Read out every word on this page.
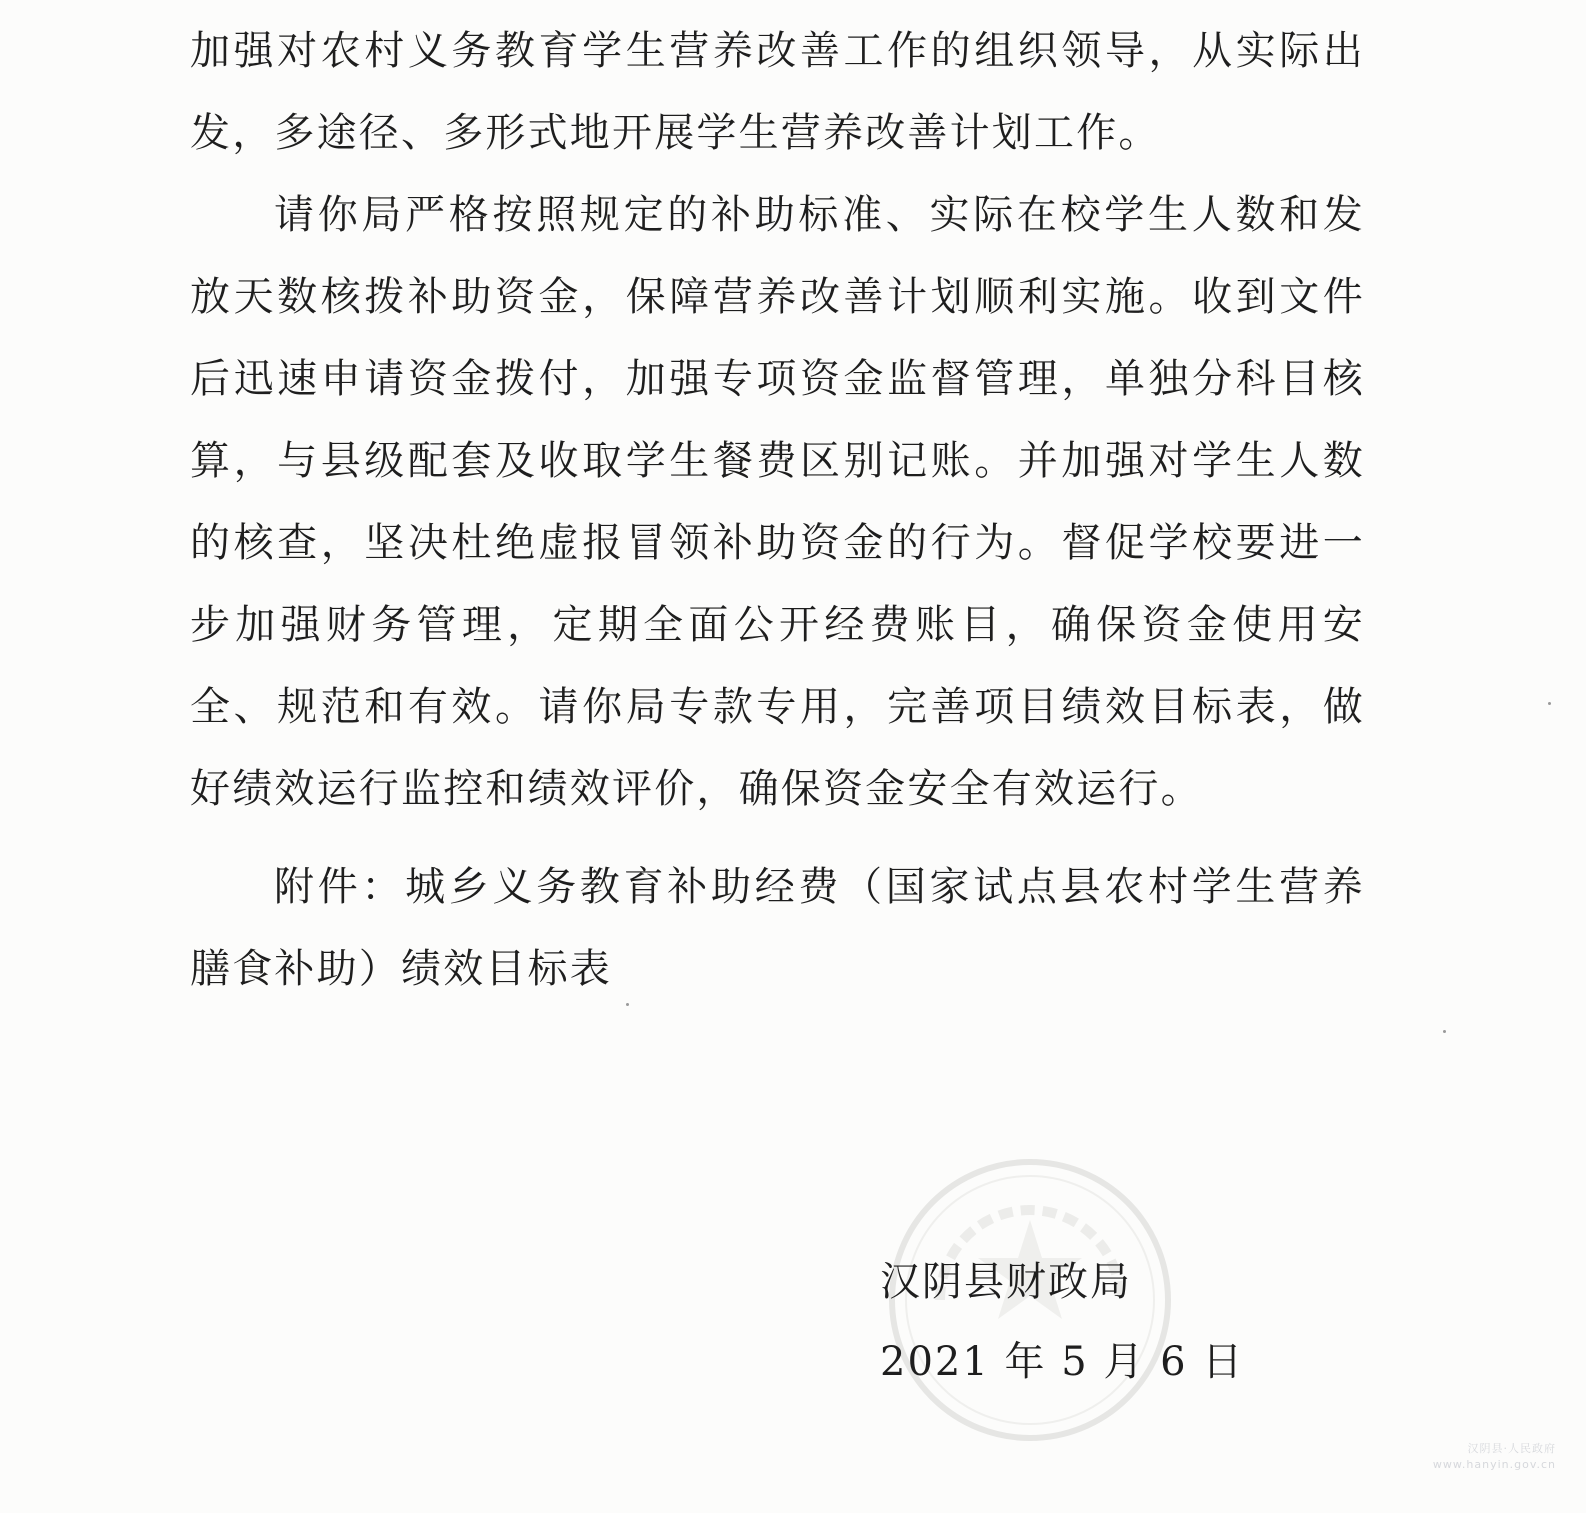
加强对农村义务教育学生营养改善工作的组织领导，从实际出发，多途径、多形式地开展学生营养改善计划工作。

请你局严格按照规定的补助标准、实际在校学生人数和发放天数核拨补助资金，保障营养改善计划顺利实施。收到文件后迅速申请资金拨付，加强专项资金监督管理，单独分科目核算，与县级配套及收取学生餐费区别记账。并加强对学生人数的核查，坚决杜绝虚报冒领补助资金的行为。督促学校要进一步加强财务管理，定期全面公开经费账目，确保资金使用安全、规范和有效。请你局专款专用，完善项目绩效目标表，做好绩效运行监控和绩效评价，确保资金安全有效运行。

附件：城乡义务教育补助经费（国家试点县农村学生营养膳食补助）绩效目标表

汉阴县财政局

2021 年 5 月 6 日

汉阴县·人民政府
www.hanyin.gov.cn
